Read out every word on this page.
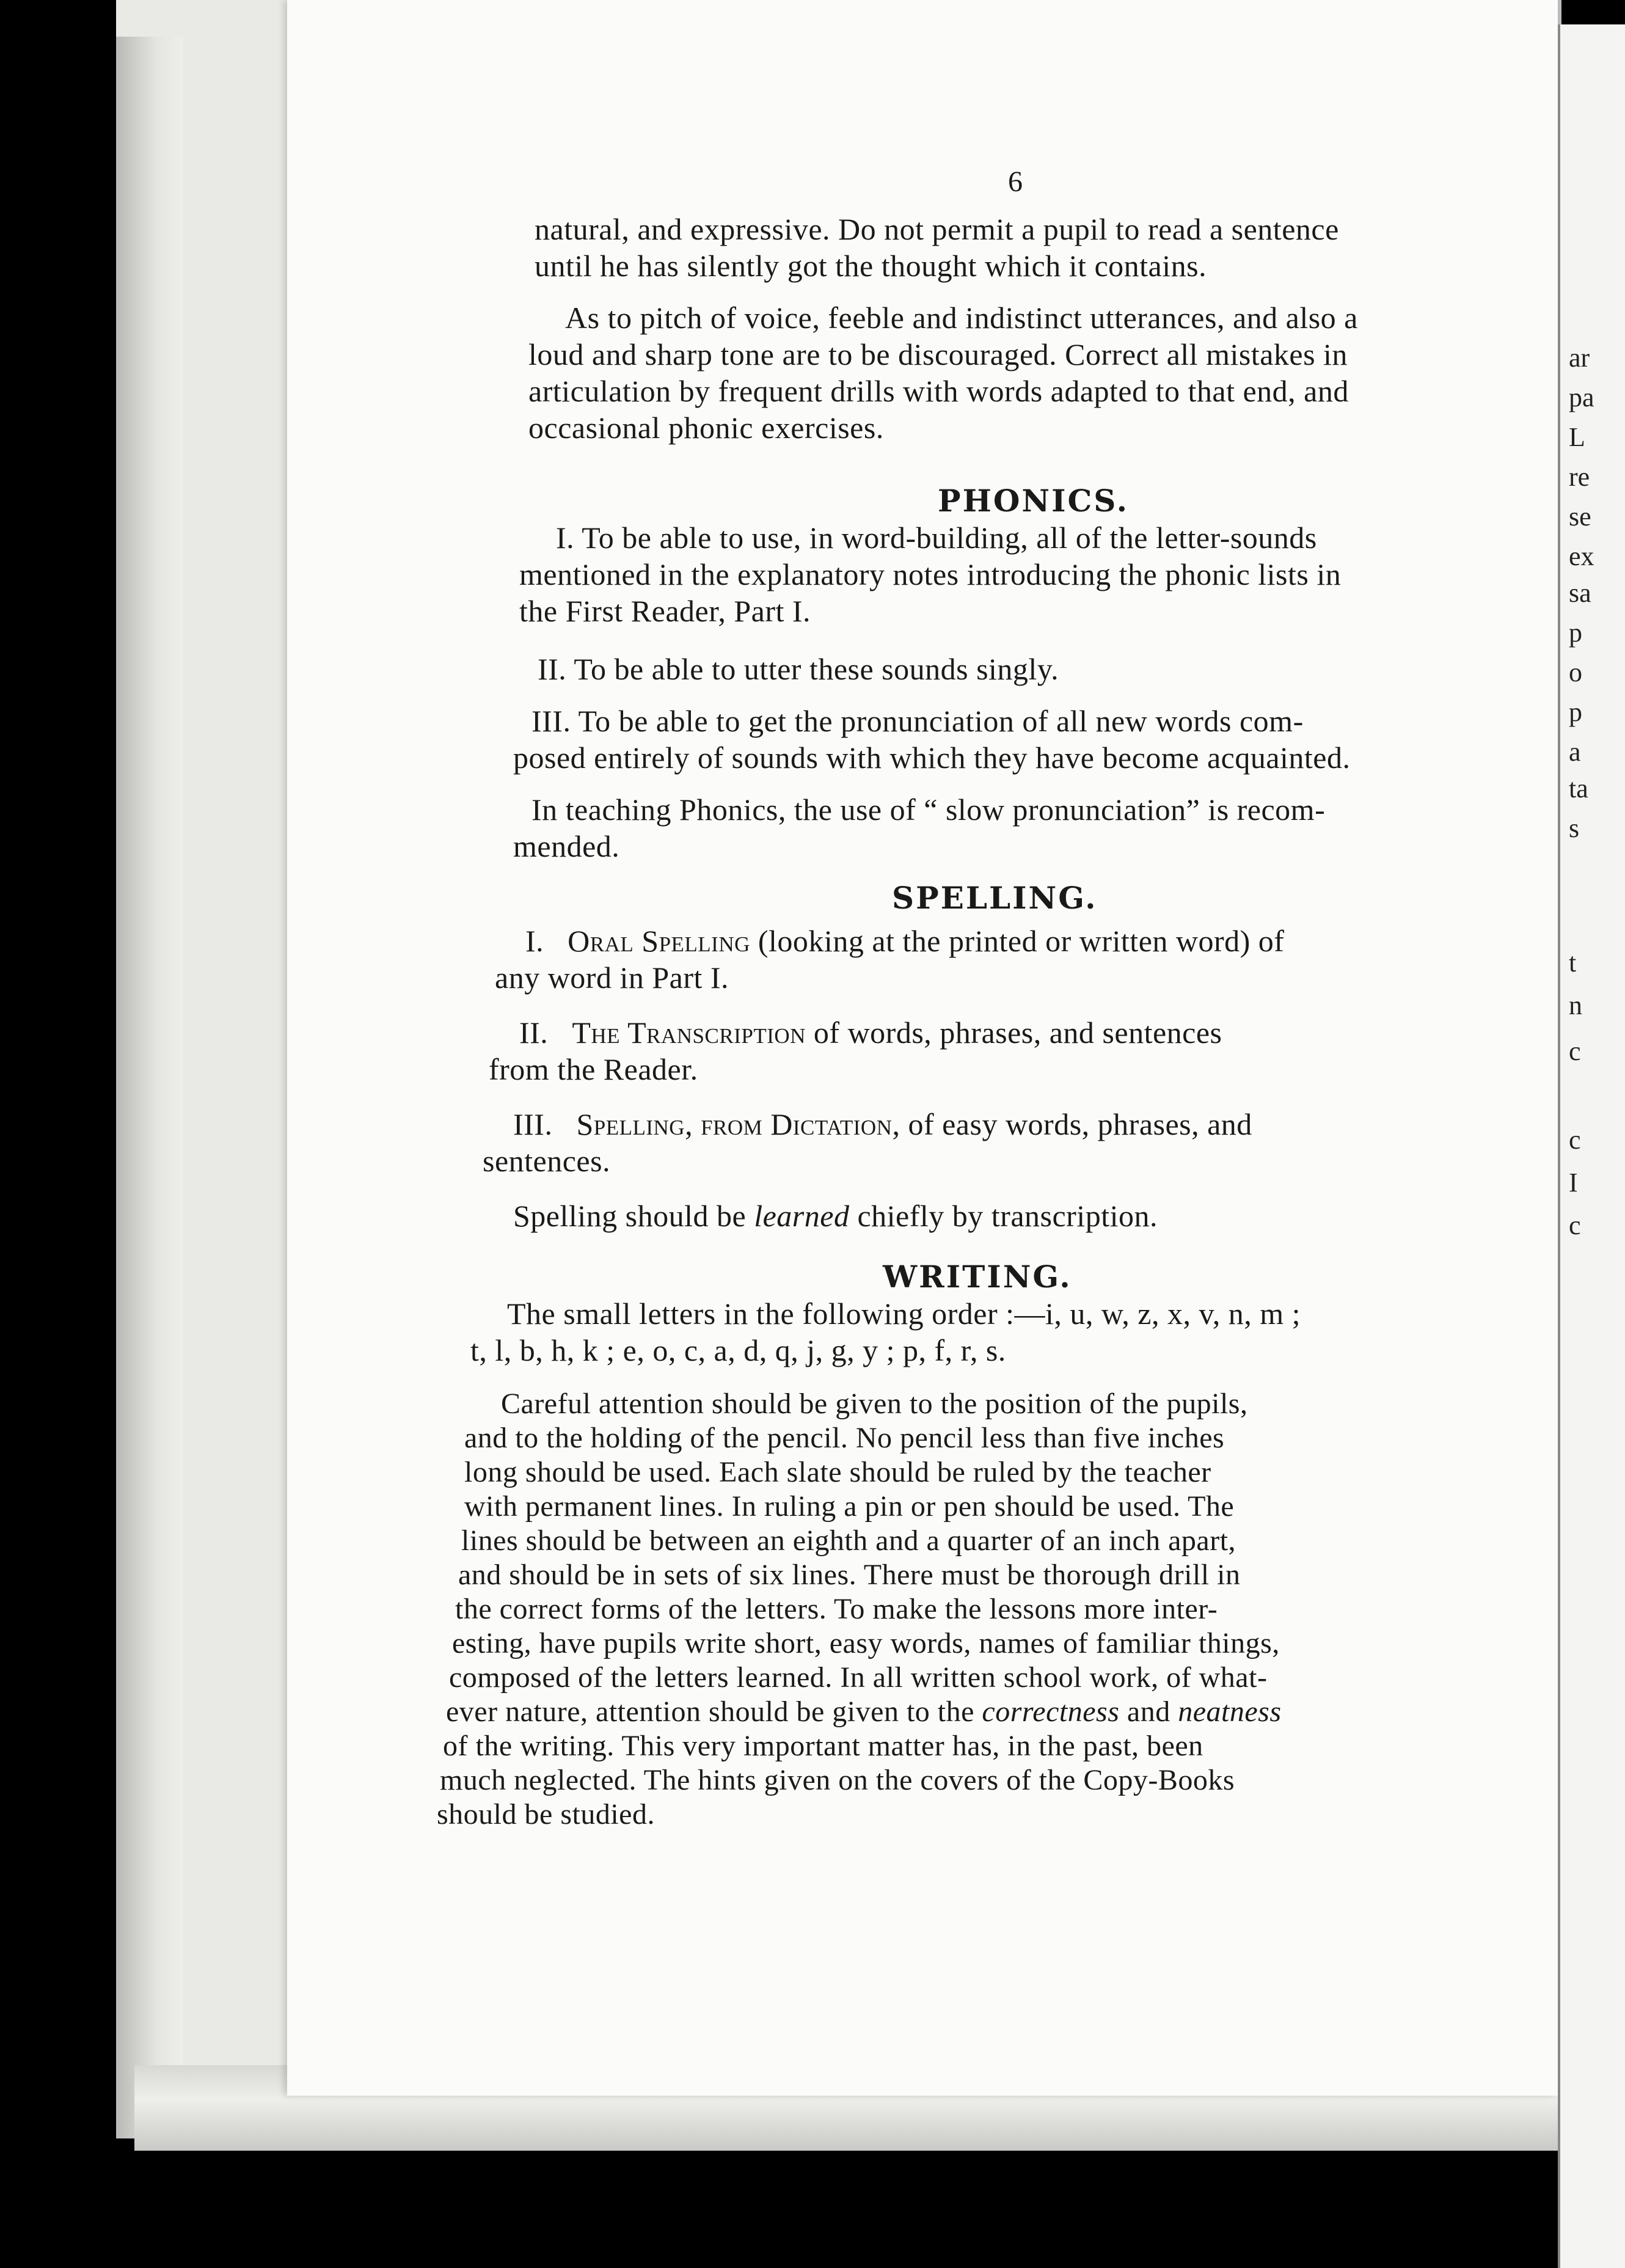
6
natural, and expressive. Do not permit a pupil to read a sentence
until he has silently got the thought which it contains.
As to pitch of voice, feeble and indistinct utterances, and also a
loud and sharp tone are to be discouraged. Correct all mistakes in
articulation by frequent drills with words adapted to that end, and
occasional phonic exercises.
PHONICS.
I. To be able to use, in word-building, all of the letter-sounds
mentioned in the explanatory notes introducing the phonic lists in
the First Reader, Part I.
II. To be able to utter these sounds singly.
III. To be able to get the pronunciation of all new words com-
posed entirely of sounds with which they have become acquainted.
In teaching Phonics, the use of “ slow pronunciation” is recom-
mended.
SPELLING.
I. Oral Spelling (looking at the printed or written word) of
any word in Part I.
II. The Transcription of words, phrases, and sentences
from the Reader.
III. Spelling, from Dictation, of easy words, phrases, and
sentences.
Spelling should be learned chiefly by transcription.
WRITING.
The small letters in the following order :—i, u, w, z, x, v, n, m ;
t, l, b, h, k ; e, o, c, a, d, q, j, g, y ; p, f, r, s.
Careful attention should be given to the position of the pupils,
and to the holding of the pencil. No pencil less than five inches
long should be used. Each slate should be ruled by the teacher
with permanent lines. In ruling a pin or pen should be used. The
lines should be between an eighth and a quarter of an inch apart,
and should be in sets of six lines. There must be thorough drill in
the correct forms of the letters. To make the lessons more inter-
esting, have pupils write short, easy words, names of familiar things,
composed of the letters learned. In all written school work, of what-
ever nature, attention should be given to the correctness and neatness
of the writing. This very important matter has, in the past, been
much neglected. The hints given on the covers of the Copy-Books
should be studied.
ar
pa
L
re
se
ex
sa
p
o
p
a
ta
s
t
n
c
c
I
c
